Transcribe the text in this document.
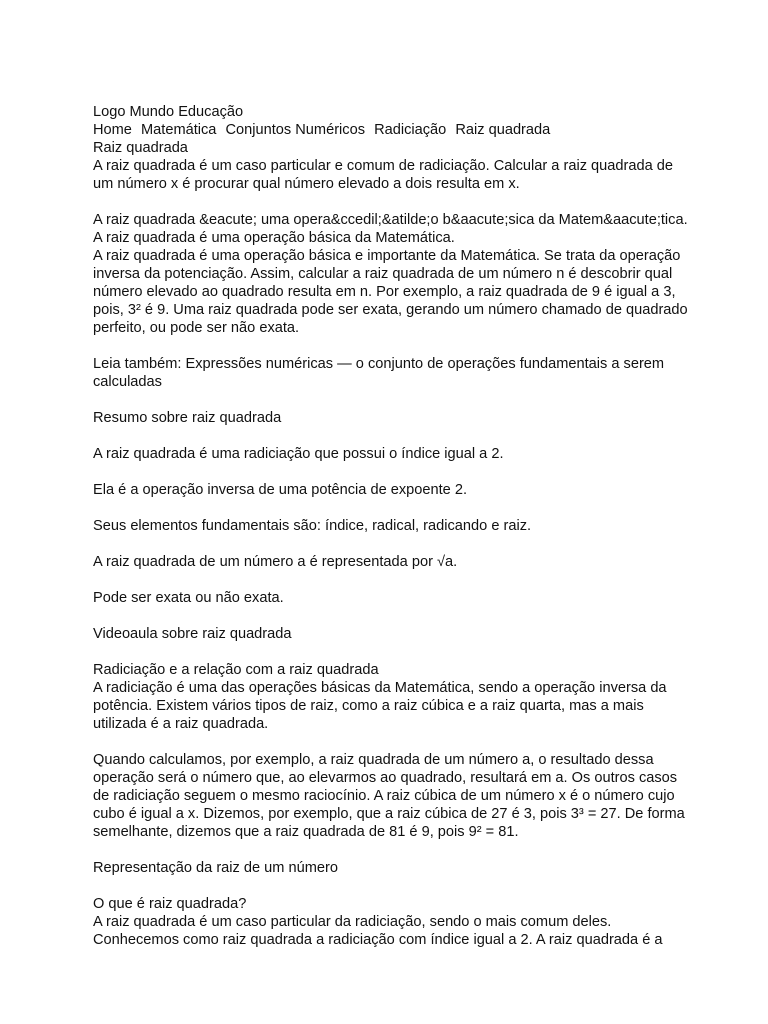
Logo Mundo Educação

Home Matemática Conjuntos Numéricos Radiciação Raiz quadrada

Raiz quadrada

A raiz quadrada é um caso particular e comum de radiciação. Calcular a raiz quadrada de um número x é procurar qual número elevado a dois resulta em x.

A raiz quadrada &eacute; uma opera&ccedil;&atilde;o b&aacute;sica da Matem&aacute;tica.

A raiz quadrada é uma operação básica da Matemática.

A raiz quadrada é uma operação básica e importante da Matemática. Se trata da operação inversa da potenciação. Assim, calcular a raiz quadrada de um número n é descobrir qual número elevado ao quadrado resulta em n. Por exemplo, a raiz quadrada de 9 é igual a 3, pois, 3² é 9. Uma raiz quadrada pode ser exata, gerando um número chamado de quadrado perfeito, ou pode ser não exata.

Leia também: Expressões numéricas — o conjunto de operações fundamentais a serem calculadas

Resumo sobre raiz quadrada

A raiz quadrada é uma radiciação que possui o índice igual a 2.

Ela é a operação inversa de uma potência de expoente 2.

Seus elementos fundamentais são: índice, radical, radicando e raiz.

A raiz quadrada de um número a é representada por √a.

Pode ser exata ou não exata.

Videoaula sobre raiz quadrada

Radiciação e a relação com a raiz quadrada

A radiciação é uma das operações básicas da Matemática, sendo a operação inversa da potência. Existem vários tipos de raiz, como a raiz cúbica e a raiz quarta, mas a mais utilizada é a raiz quadrada.

Quando calculamos, por exemplo, a raiz quadrada de um número a, o resultado dessa operação será o número que, ao elevarmos ao quadrado, resultará em a. Os outros casos de radiciação seguem o mesmo raciocínio. A raiz cúbica de um número x é o número cujo cubo é igual a x. Dizemos, por exemplo, que a raiz cúbica de 27 é 3, pois 3³ = 27. De forma semelhante, dizemos que a raiz quadrada de 81 é 9, pois 9² = 81.

Representação da raiz de um número

O que é raiz quadrada?

A raiz quadrada é um caso particular da radiciação, sendo o mais comum deles. Conhecemos como raiz quadrada a radiciação com índice igual a 2. A raiz quadrada é a
